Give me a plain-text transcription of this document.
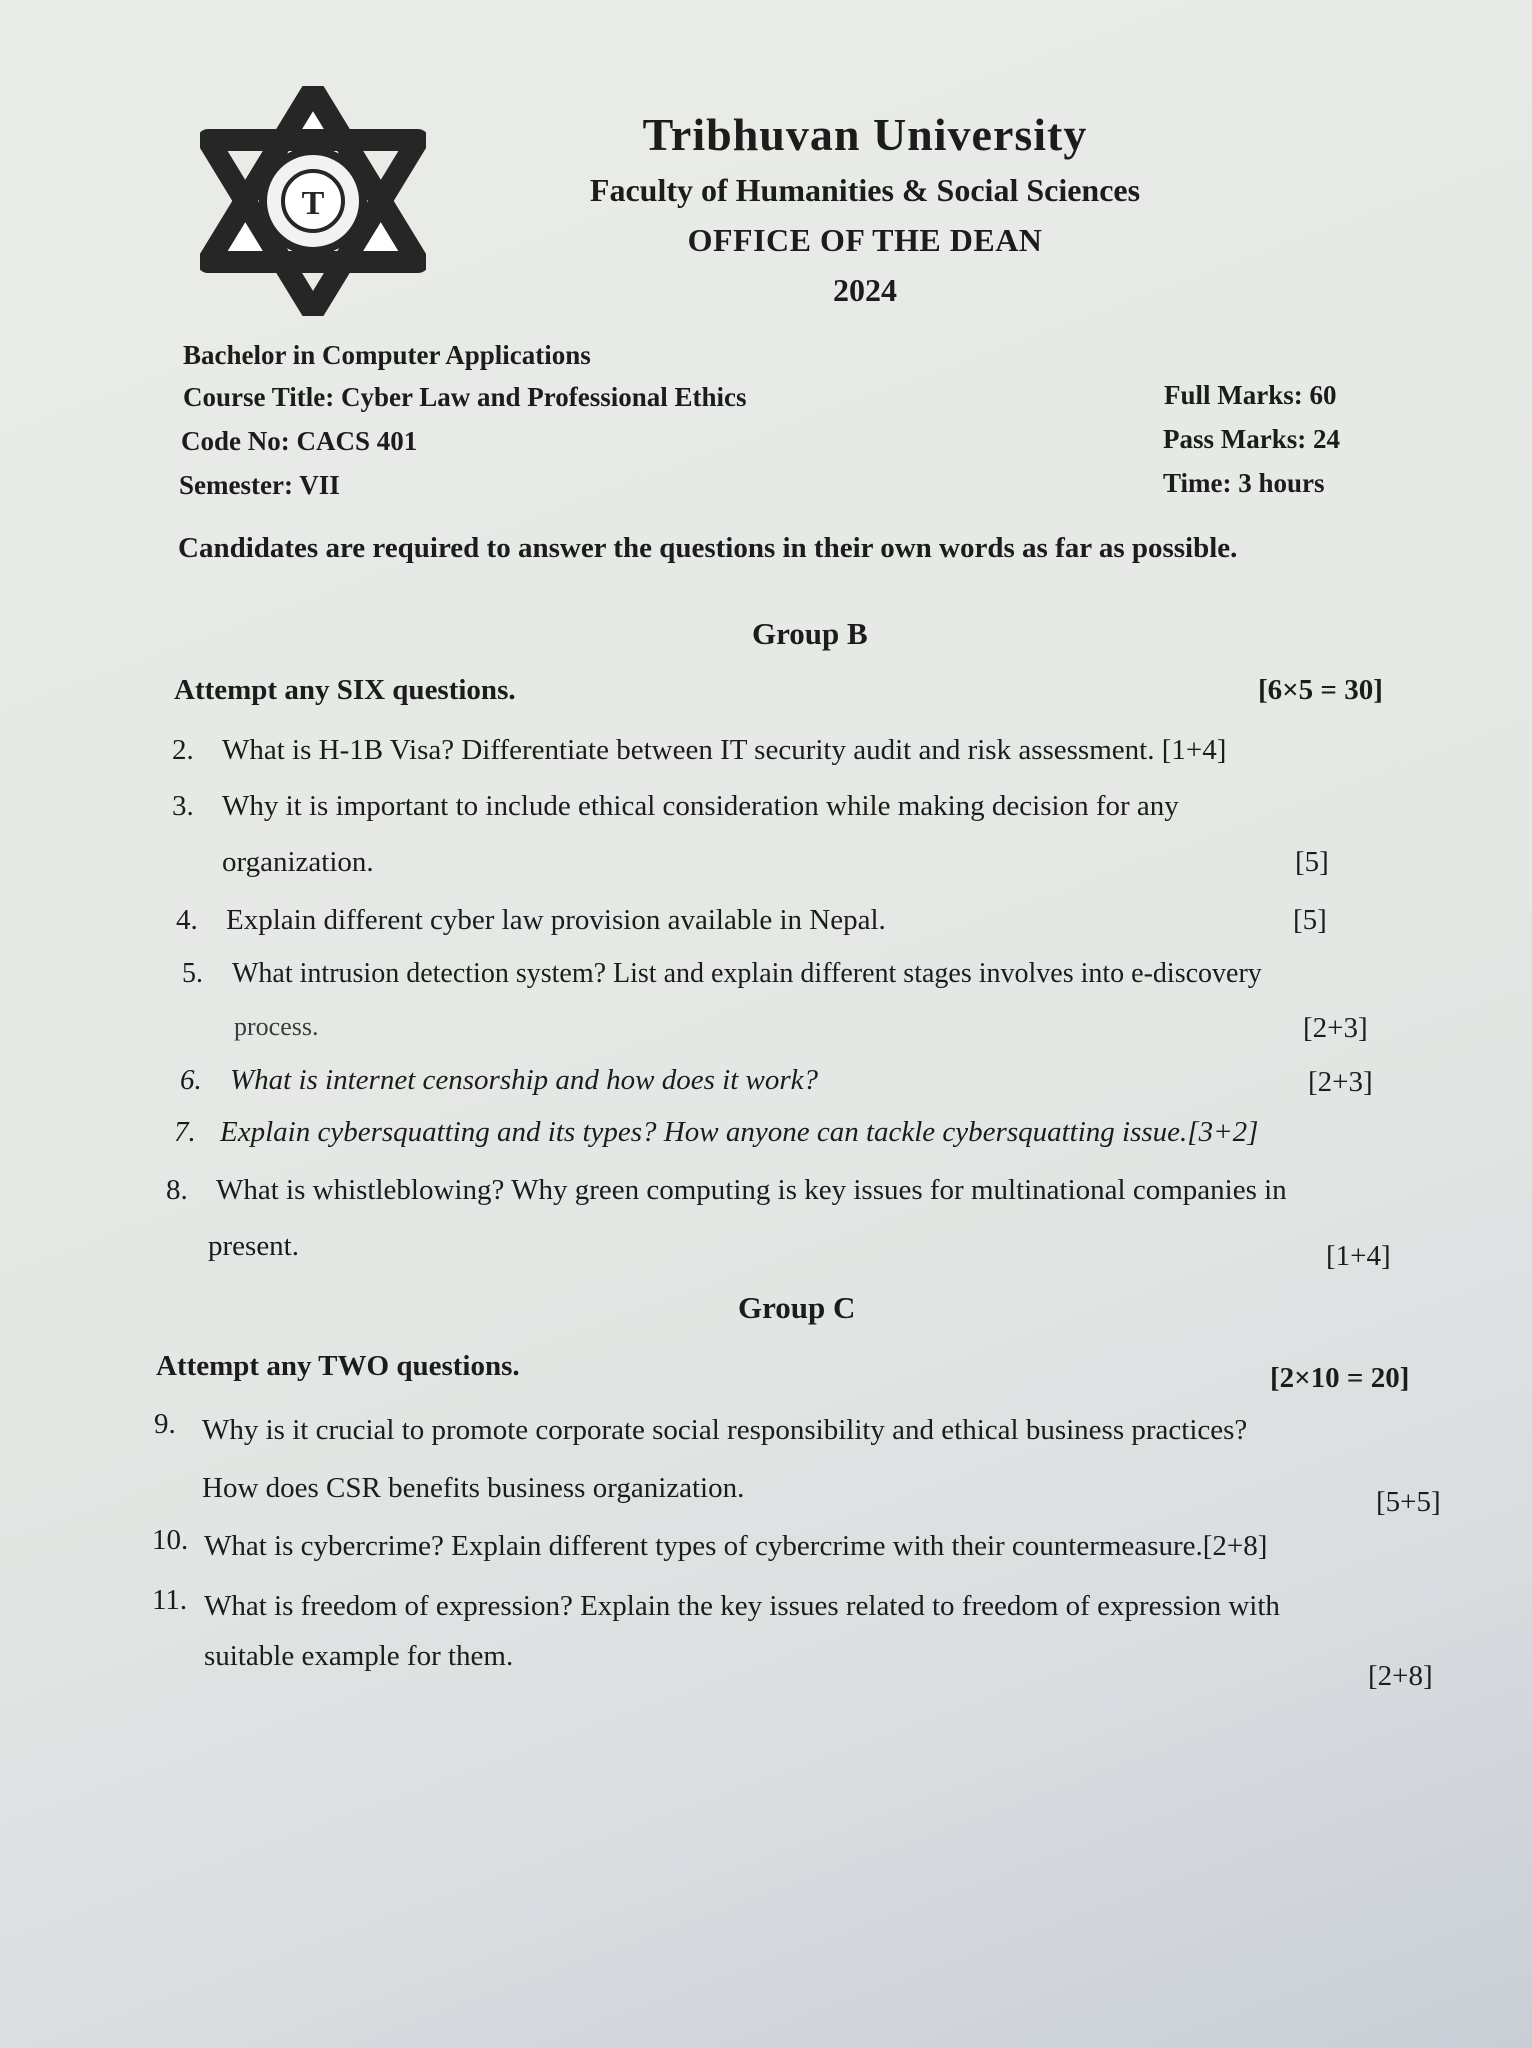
T
Tribhuvan University
Faculty of Humanities & Social Sciences
OFFICE OF THE DEAN
2024
Bachelor in Computer Applications
Course Title: Cyber Law and Professional Ethics
Code No: CACS 401
Semester: VII
Full Marks: 60
Pass Marks: 24
Time: 3 hours
Candidates are required to answer the questions in their own words as far as possible.
Group B
Attempt any SIX questions.	[6×5 = 30]
2. What is H-1B Visa? Differentiate between IT security audit and risk assessment. [1+4]
3. Why it is important to include ethical consideration while making decision for any
organization.	[5]
4. Explain different cyber law provision available in Nepal.	[5]
5. What intrusion detection system? List and explain different stages involves into e-discovery
process.	[2+3]
6. What is internet censorship and how does it work?	[2+3]
7. Explain cybersquatting and its types? How anyone can tackle cybersquatting issue.[3+2]
8. What is whistleblowing? Why green computing is key issues for multinational companies in
present.	[1+4]
Group C
Attempt any TWO questions.	[2×10 = 20]
9. Why is it crucial to promote corporate social responsibility and ethical business practices?
How does CSR benefits business organization.	[5+5]
10. What is cybercrime? Explain different types of cybercrime with their countermeasure.[2+8]
11. What is freedom of expression? Explain the key issues related to freedom of expression with
suitable example for them.
[2+8]
